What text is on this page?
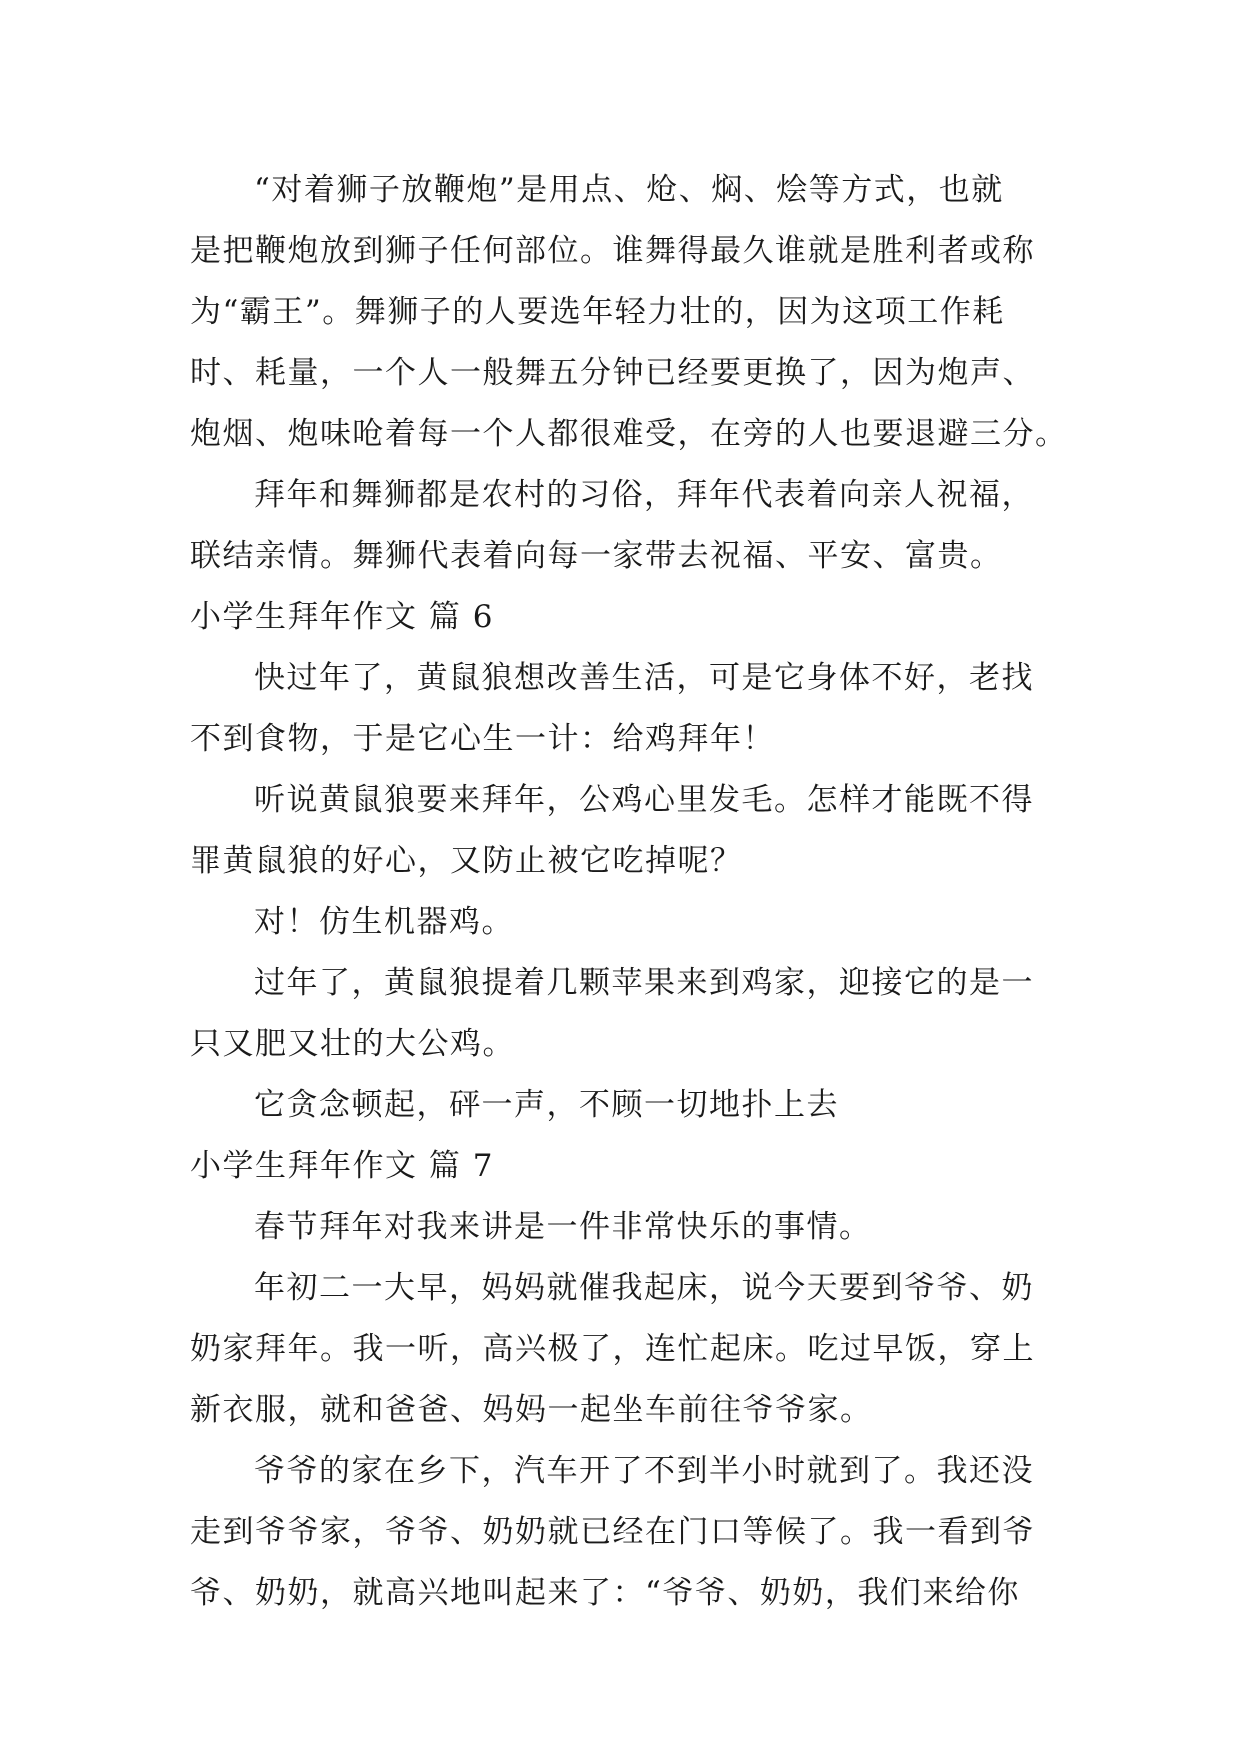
“对着狮子放鞭炮”是用点、炝、焖、烩等方式，也就
是把鞭炮放到狮子任何部位。谁舞得最久谁就是胜利者或称
为“霸王”。舞狮子的人要选年轻力壮的，因为这项工作耗
时、耗量，一个人一般舞五分钟已经要更换了，因为炮声、
炮烟、炮味呛着每一个人都很难受，在旁的人也要退避三分。
拜年和舞狮都是农村的习俗，拜年代表着向亲人祝福，
联结亲情。舞狮代表着向每一家带去祝福、平安、富贵。
小学生拜年作文 篇 6
快过年了，黄鼠狼想改善生活，可是它身体不好，老找
不到食物，于是它心生一计：给鸡拜年！
听说黄鼠狼要来拜年，公鸡心里发毛。怎样才能既不得
罪黄鼠狼的好心，又防止被它吃掉呢？
对！仿生机器鸡。
过年了，黄鼠狼提着几颗苹果来到鸡家，迎接它的是一
只又肥又壮的大公鸡。
它贪念顿起，砰一声，不顾一切地扑上去
小学生拜年作文 篇 7
春节拜年对我来讲是一件非常快乐的事情。
年初二一大早，妈妈就催我起床，说今天要到爷爷、奶
奶家拜年。我一听，高兴极了，连忙起床。吃过早饭，穿上
新衣服，就和爸爸、妈妈一起坐车前往爷爷家。
爷爷的家在乡下，汽车开了不到半小时就到了。我还没
走到爷爷家，爷爷、奶奶就已经在门口等候了。我一看到爷
爷、奶奶，就高兴地叫起来了：“爷爷、奶奶，我们来给你
